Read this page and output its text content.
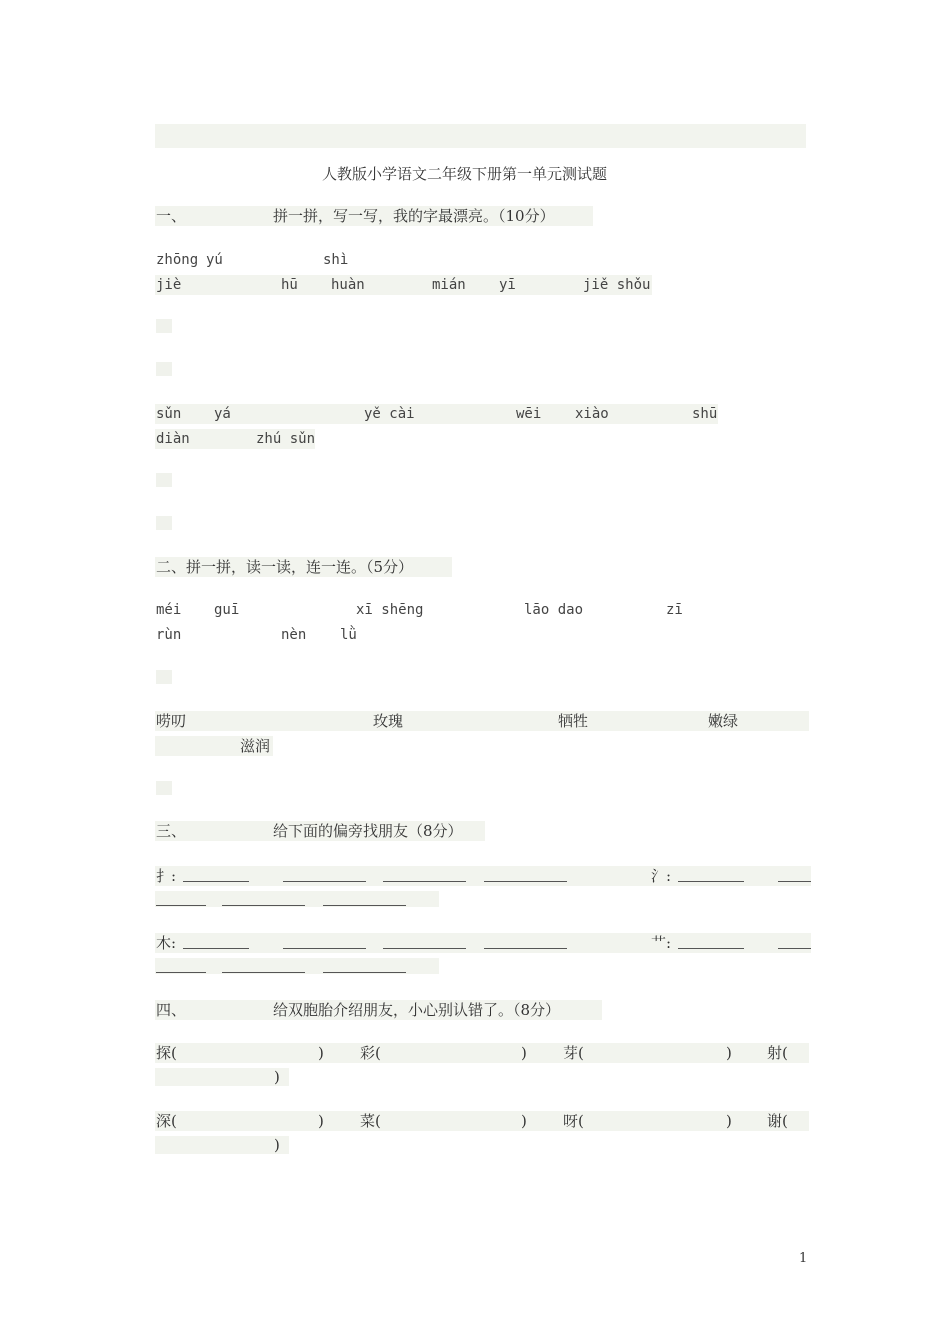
人教版小学语文二年级下册第一单元测试题
一、	拼一拼，写一写，我的字最漂亮。（10分）
zhōng yú	shì
jiè	hū huàn	mián yī	jiě shǒu
sǔn yá	yě cài	wēi xiào	shū
diàn	zhú sǔn
二、拼一拼，读一读，连一连。（5分）
méi guī	xī shēng	lāo dao	zī
rùn	nèn lǜ
唠叨	玫瑰	牺牲	嫩绿
滋润
三、	给下面的偏旁找朋友（8分）
扌:	氵:
木:	艹:
四、	给双胞胎介绍朋友，小心别认错了。（8分）
探(	) 彩(	) 芽(	) 射(
)
深(	) 菜(	) 呀(	) 谢(
)
1
